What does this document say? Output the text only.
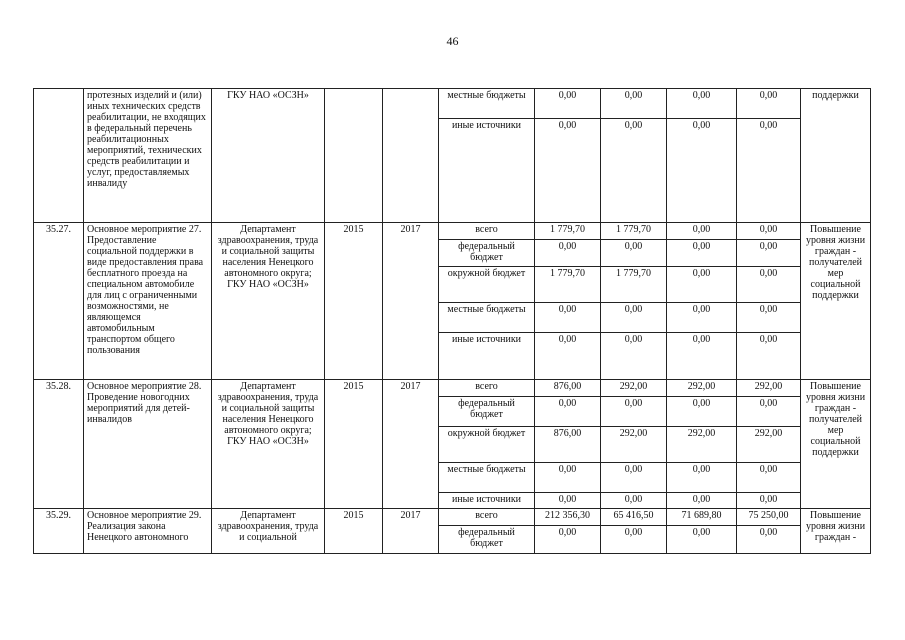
46
	протезных изделий и (или) иных технических средств реабилитации, не входящих в федеральный перечень реабилитационных мероприятий, технических средств реабилитации и услуг, предоставляемых инвалиду	ГКУ НАО «ОСЗН»			местные бюджеты	0,00	0,00	0,00	0,00	поддержки
					иные источники	0,00	0,00	0,00	0,00	
35.27.	Основное мероприятие 27. Предоставление социальной поддержки в виде предоставления права бесплатного проезда на специальном автомобиле для лиц с ограниченными возможностями, не являющемся автомобильным транспортом общего пользования	Департамент здравоохранения, труда и социальной защиты населения Ненецкого автономного округа; ГКУ НАО «ОСЗН»	2015	2017	всего	1 779,70	1 779,70	0,00	0,00	Повышение уровня жизни граждан - получателей мер социальной поддержки
					федеральный бюджет	0,00	0,00	0,00	0,00	
					окружной бюджет	1 779,70	1 779,70	0,00	0,00	
					местные бюджеты	0,00	0,00	0,00	0,00	
					иные источники	0,00	0,00	0,00	0,00	
35.28.	Основное мероприятие 28. Проведение новогодних мероприятий для детей-инвалидов	Департамент здравоохранения, труда и социальной защиты населения Ненецкого автономного округа; ГКУ НАО «ОСЗН»	2015	2017	всего	876,00	292,00	292,00	292,00	Повышение уровня жизни граждан - получателей мер социальной поддержки
					федеральный бюджет	0,00	0,00	0,00	0,00	
					окружной бюджет	876,00	292,00	292,00	292,00	
					местные бюджеты	0,00	0,00	0,00	0,00	
					иные источники	0,00	0,00	0,00	0,00	
35.29.	Основное мероприятие 29. Реализация закона Ненецкого автономного	Департамент здравоохранения, труда и социальной	2015	2017	всего	212 356,30	65 416,50	71 689,80	75 250,00	Повышение уровня жизни граждан -
					федеральный бюджет	0,00	0,00	0,00	0,00	
